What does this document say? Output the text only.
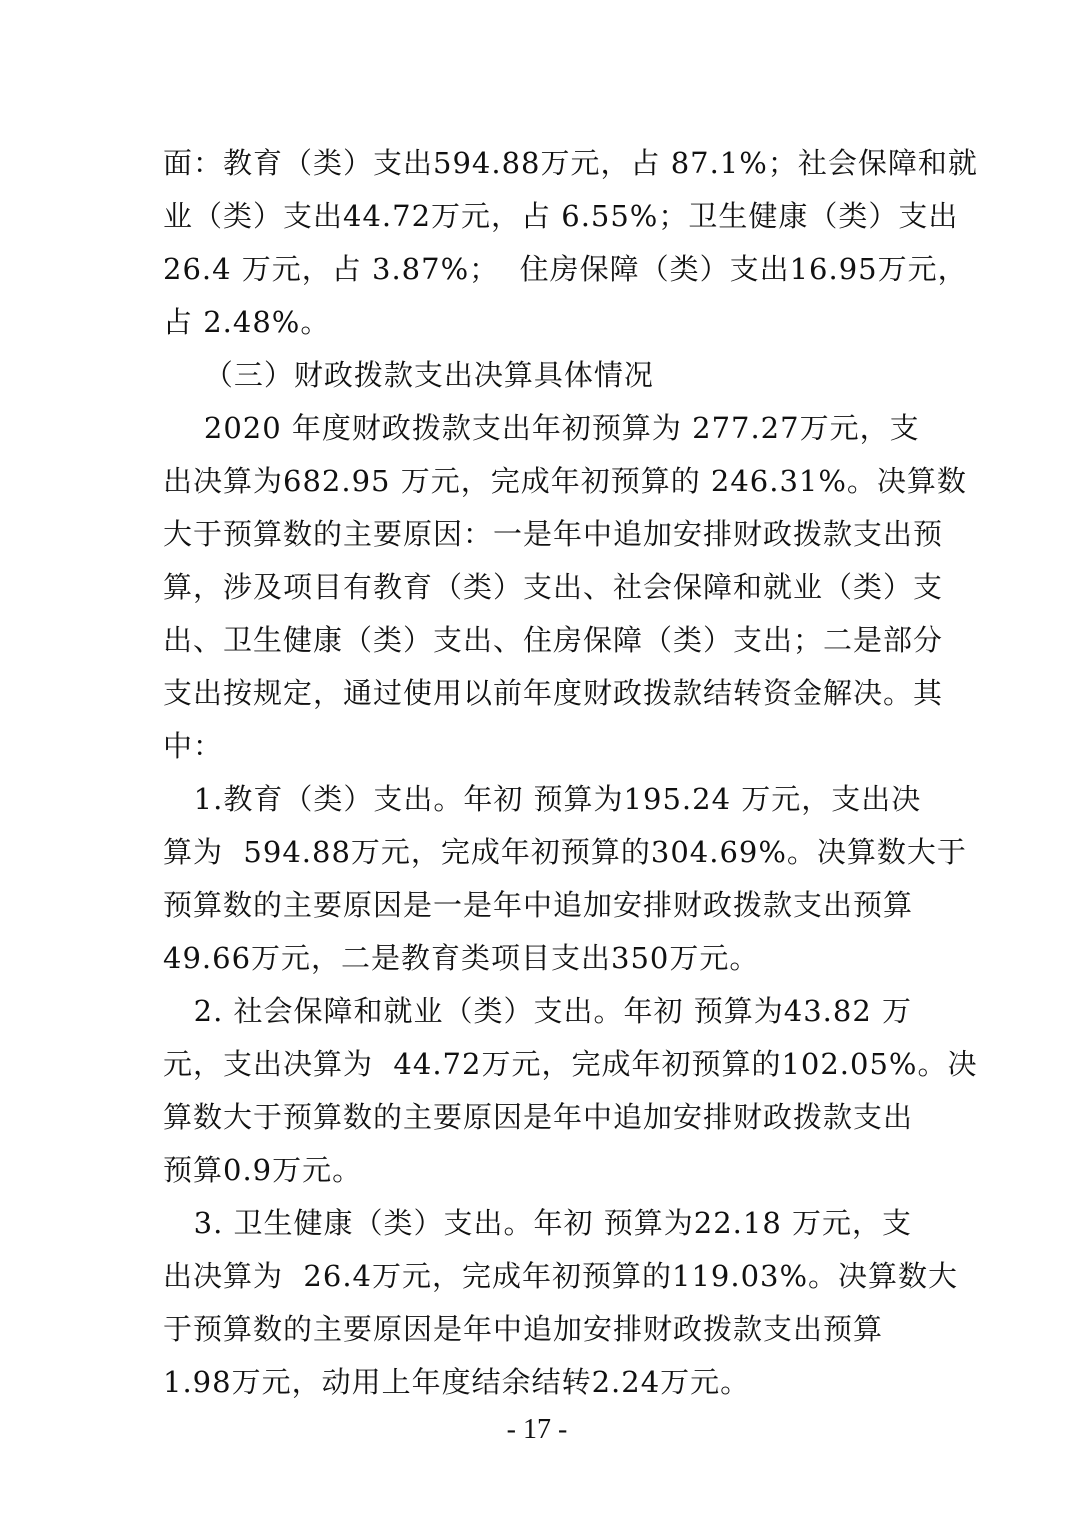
面：教育（类）支出594.88万元，占 87.1%；社会保障和就
业（类）支出44.72万元，占 6.55%；卫生健康（类）支出
26.4 万元，占 3.87%；  住房保障（类）支出16.95万元，
占 2.48%。
（三）财政拨款支出决算具体情况
2020 年度财政拨款支出年初预算为 277.27万元，支
出决算为682.95 万元，完成年初预算的 246.31%。决算数
大于预算数的主要原因：一是年中追加安排财政拨款支出预
算，涉及项目有教育（类）支出、社会保障和就业（类）支
出、卫生健康（类）支出、住房保障（类）支出；二是部分
支出按规定，通过使用以前年度财政拨款结转资金解决。其
中：
1.教育（类）支出。年初 预算为195.24 万元，支出决
算为  594.88万元，完成年初预算的304.69%。决算数大于
预算数的主要原因是一是年中追加安排财政拨款支出预算
49.66万元，二是教育类项目支出350万元。
2. 社会保障和就业（类）支出。年初 预算为43.82 万
元，支出决算为  44.72万元，完成年初预算的102.05%。决
算数大于预算数的主要原因是年中追加安排财政拨款支出
预算0.9万元。
3. 卫生健康（类）支出。年初 预算为22.18 万元，支
出决算为  26.4万元，完成年初预算的119.03%。决算数大
于预算数的主要原因是年中追加安排财政拨款支出预算
1.98万元，动用上年度结余结转2.24万元。
- 17 -
